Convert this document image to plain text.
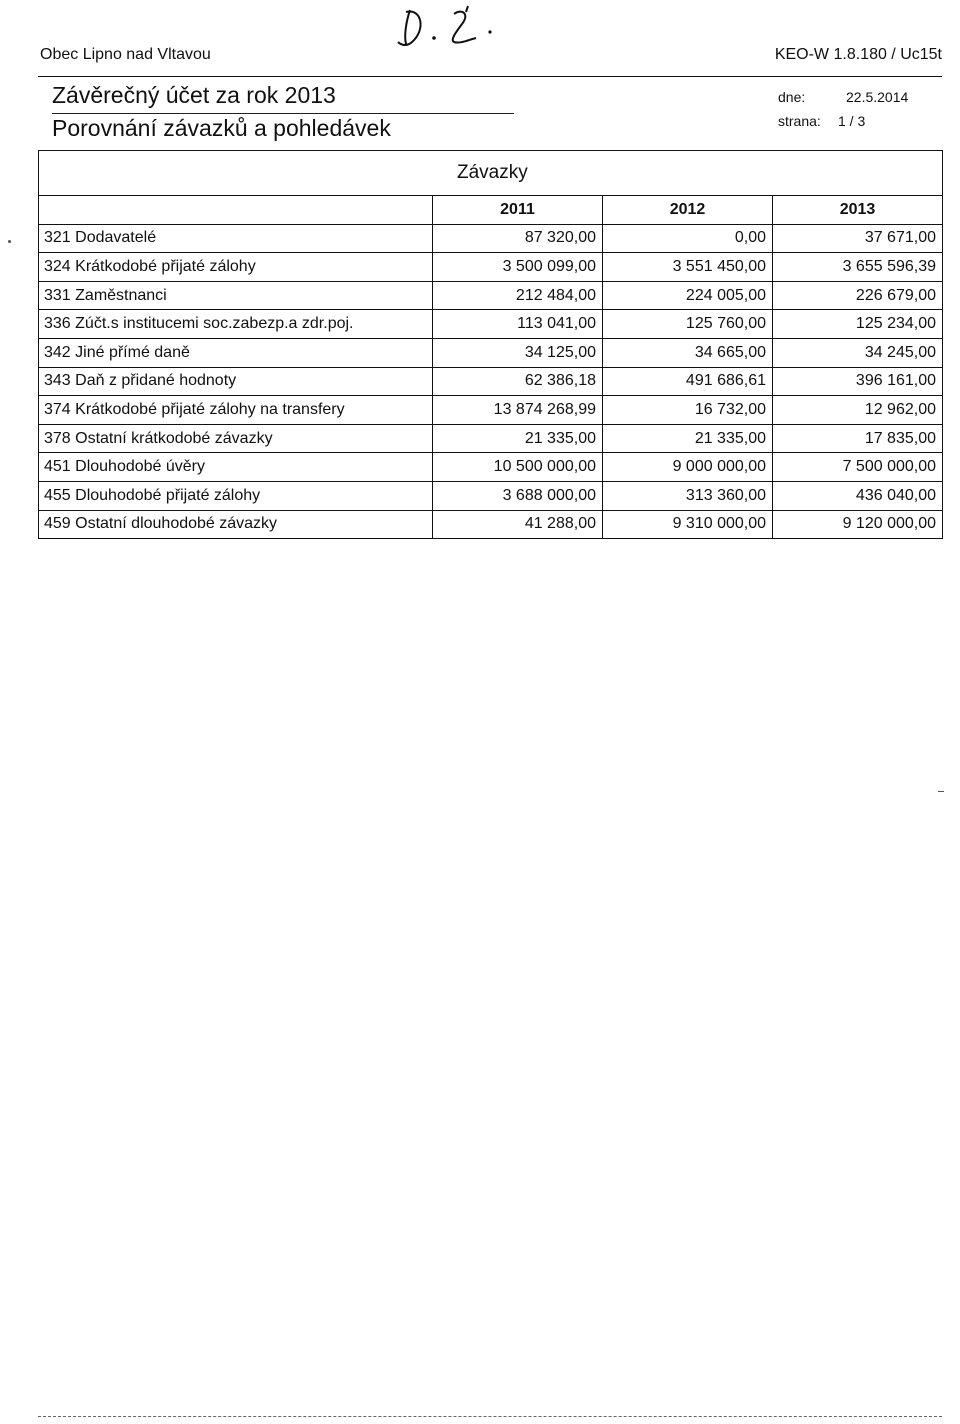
Obec Lipno nad Vltavou	KEO-W 1.8.180 / Uc15t
Závěrečný účet za rok 2013
Porovnání závazků a pohledávek
dne:	22.5.2014
strana: 1 / 3
Závazky			
	2011	2012	2013
321 Dodavatelé	87 320,00	0,00	37 671,00
324 Krátkodobé přijaté zálohy	3 500 099,00	3 551 450,00	3 655 596,39
331 Zaměstnanci	212 484,00	224 005,00	226 679,00
336 Zúčt.s institucemi soc.zabezp.a zdr.poj.	113 041,00	125 760,00	125 234,00
342 Jiné přímé daně	34 125,00	34 665,00	34 245,00
343 Daň z přidané hodnoty	62 386,18	491 686,61	396 161,00
374 Krátkodobé přijaté zálohy na transfery	13 874 268,99	16 732,00	12 962,00
378 Ostatní krátkodobé závazky	21 335,00	21 335,00	17 835,00
451 Dlouhodobé úvěry	10 500 000,00	9 000 000,00	7 500 000,00
455 Dlouhodobé přijaté zálohy	3 688 000,00	313 360,00	436 040,00
459 Ostatní dlouhodobé závazky	41 288,00	9 310 000,00	9 120 000,00
